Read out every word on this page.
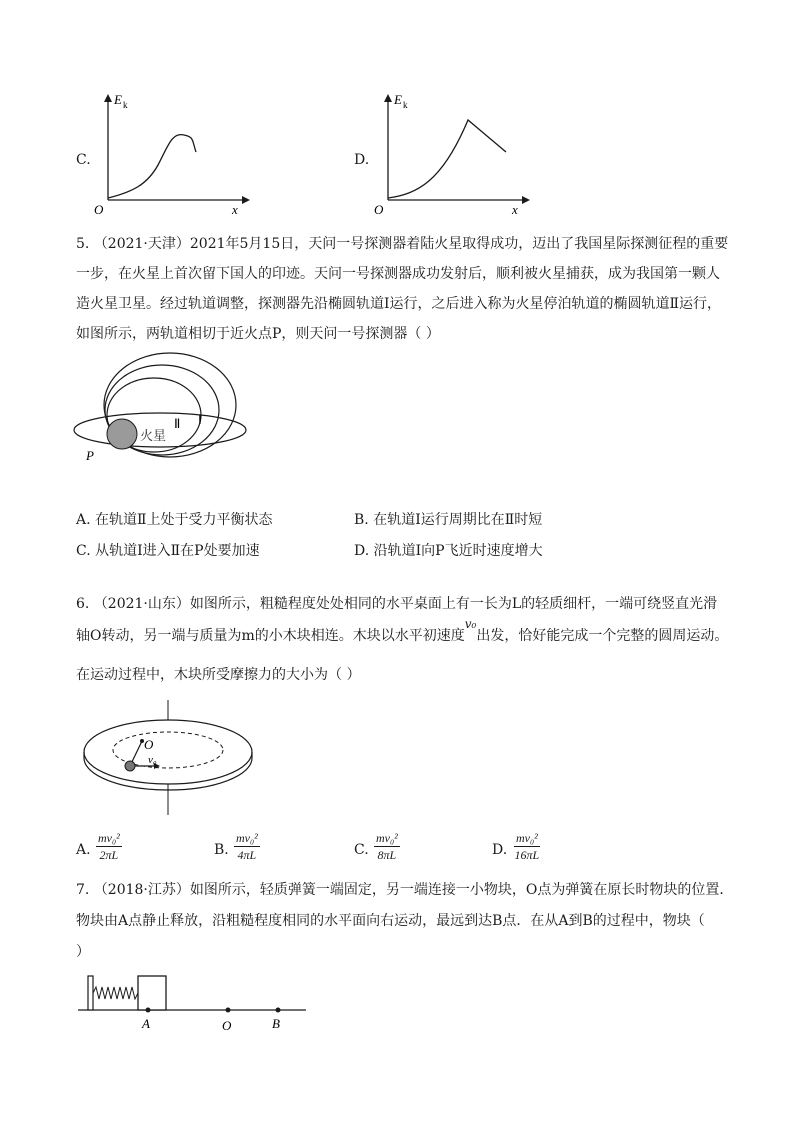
C.
E k
x
O
D.
E k
x
O
5. （2021·天津）2021年5月15日，天问一号探测器着陆火星取得成功，迈出了我国星际探测征程的重要
一步，在火星上首次留下国人的印迹。天问一号探测器成功发射后，顺利被火星捕获，成为我国第一颗人
造火星卫星。经过轨道调整，探测器先沿椭圆轨道Ⅰ运行，之后进入称为火星停泊轨道的椭圆轨道Ⅱ运行，
如图所示，两轨道相切于近火点P，则天问一号探测器（ ）
火星
Ⅱ Ⅰ
P
A. 在轨道Ⅱ上处于受力平衡状态	B. 在轨道Ⅰ运行周期比在Ⅱ时短
C. 从轨道Ⅰ进入Ⅱ在P处要加速	D. 沿轨道Ⅰ向P飞近时速度增大
6. （2021·山东）如图所示，粗糙程度处处相同的水平桌面上有一长为L的轻质细杆，一端可绕竖直光滑
轴O转动，另一端与质量为m的小木块相连。木块以水平初速度v₀出发，恰好能完成一个完整的圆周运动。
在运动过程中，木块所受摩擦力的大小为（ ）
O
v₀
A. $\frac{\text{mv₀²}}{2\pi L}$	B. $\frac{\text{mv₀²}}{4\pi L}$	C. $\frac{\text{mv₀²}}{8\pi L}$	D. $\frac{\text{mv₀²}}{16\pi L}$
7. （2018·江苏）如图所示，轻质弹簧一端固定，另一端连接一小物块，O点为弹簧在原长时物块的位置．
物块由A点静止释放，沿粗糙程度相同的水平面向右运动，最远到达B点．在从A到B的过程中，物块（
）
A	O	B
